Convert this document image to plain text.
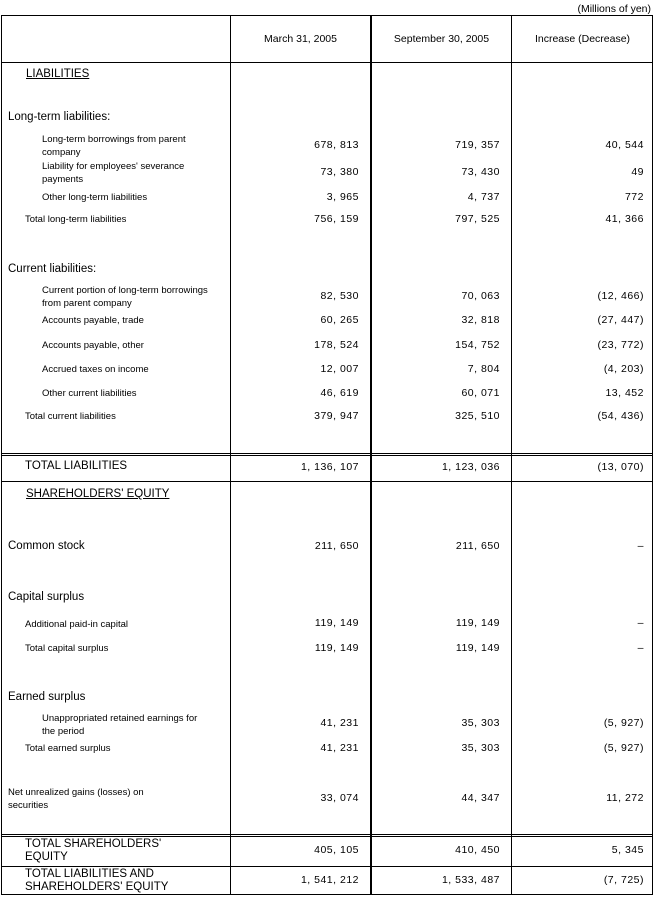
(Millions of yen)
March 31, 2005	September 30, 2005	Increase (Decrease)
LIABILITIES
Long-term liabilities:
Long-term borrowings from parent
company
678, 813	719, 357	40, 544
Liability for employees' severance
payments
73, 380	73, 430	49
Other long-term liabilities	3, 965	4, 737	772
Total long-term liabilities	756, 159	797, 525	41, 366
Current liabilities:
Current portion of long-term borrowings
from parent company
82, 530	70, 063	(12, 466)
Accounts payable, trade	60, 265	32, 818	(27, 447)
Accounts payable, other	178, 524	154, 752	(23, 772)
Accrued taxes on income	12, 007	7, 804	(4, 203)
Other current liabilities	46, 619	60, 071	13, 452
Total current liabilities	379, 947	325, 510	(54, 436)
TOTAL LIABILITIES	1, 136, 107	1, 123, 036	(13, 070)
SHAREHOLDERS' EQUITY
Common stock	211, 650	211, 650	–
Capital surplus
Additional paid-in capital	119, 149	119, 149	–
Total capital surplus	119, 149	119, 149	–
Earned surplus
Unappropriated retained earnings for
the period
41, 231	35, 303	(5, 927)
Total earned surplus	41, 231	35, 303	(5, 927)
Net unrealized gains (losses) on
securities
33, 074	44, 347	11, 272
TOTAL SHAREHOLDERS'
EQUITY
405, 105	410, 450	5, 345
TOTAL LIABILITIES AND
SHAREHOLDERS' EQUITY
1, 541, 212	1, 533, 487	(7, 725)
